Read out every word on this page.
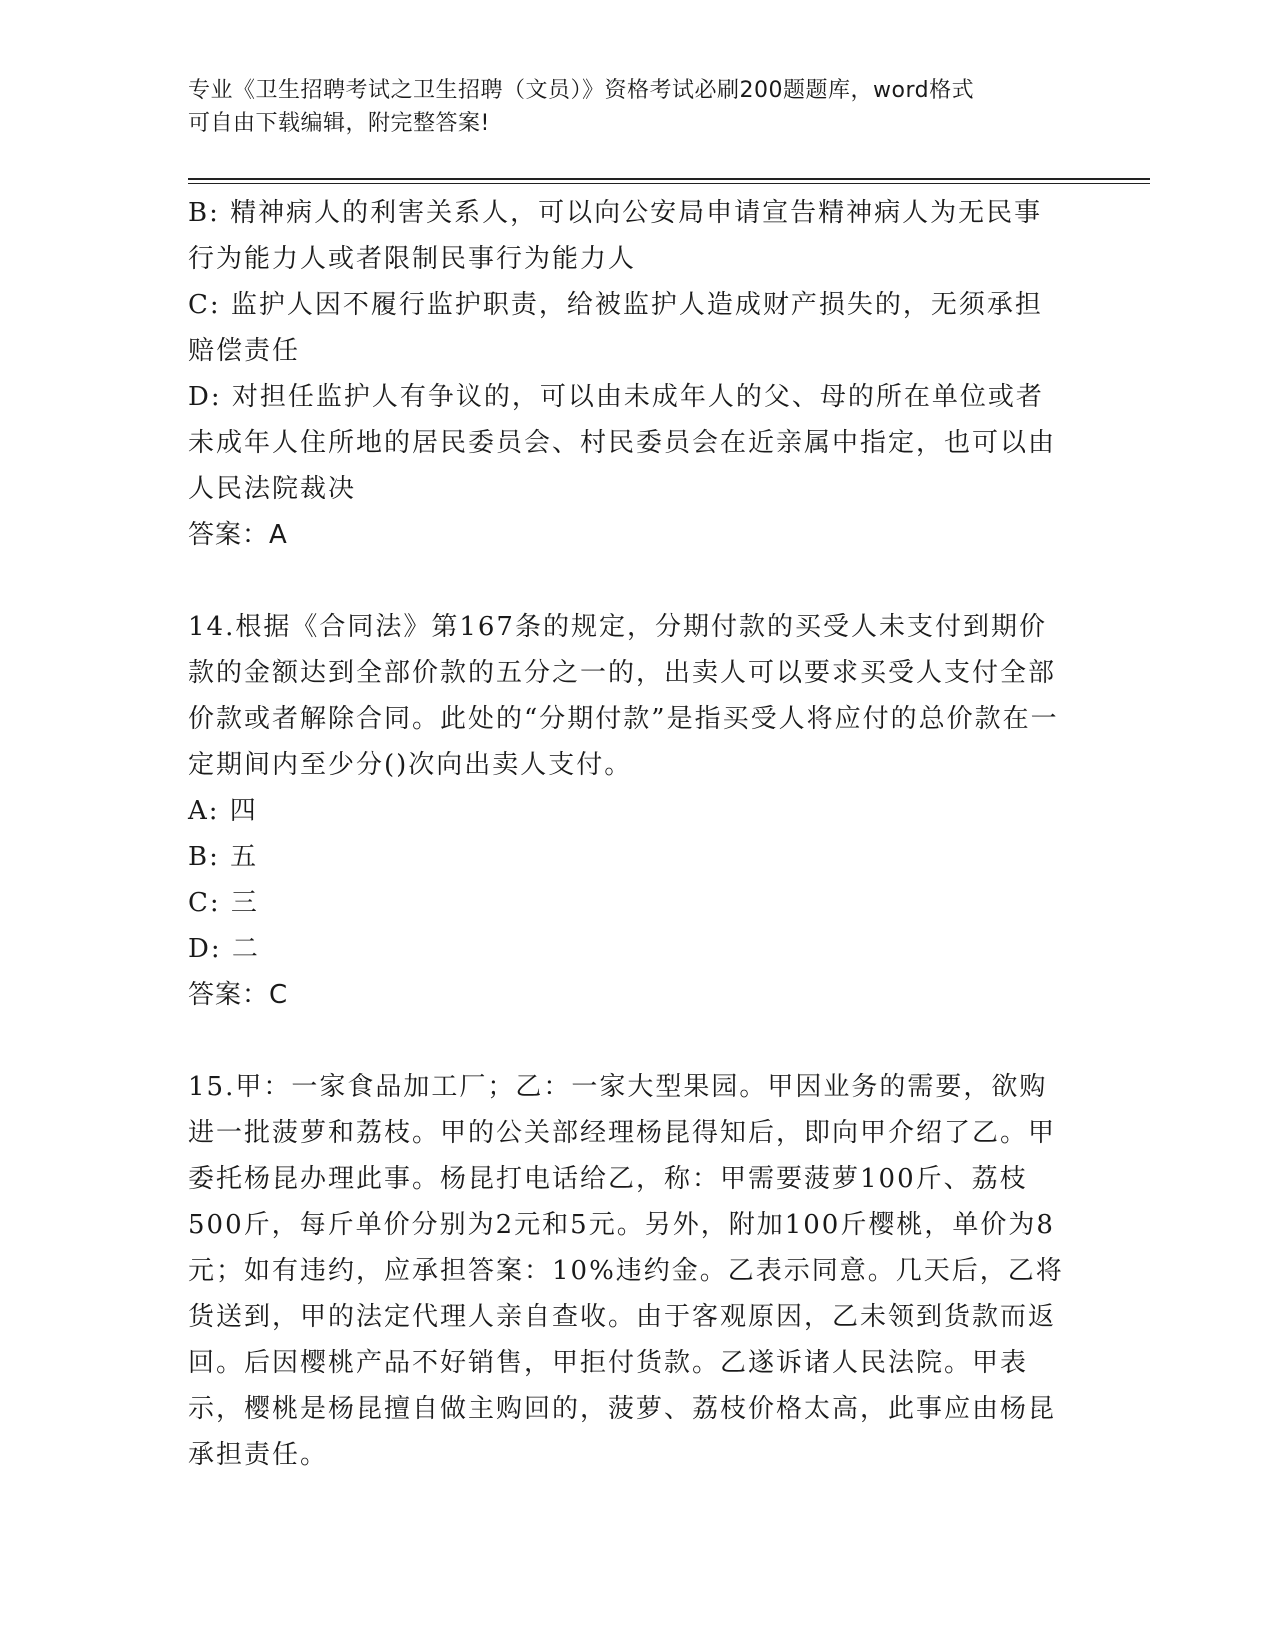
专业《卫生招聘考试之卫生招聘（文员）》资格考试必刷200题题库，word格式
可自由下载编辑，附完整答案!

B: 精神病人的利害关系人，可以向公安局申请宣告精神病人为无民事行为能力人或者限制民事行为能力人

C: 监护人因不履行监护职责，给被监护人造成财产损失的，无须承担赔偿责任

D: 对担任监护人有争议的，可以由未成年人的父、母的所在单位或者未成年人住所地的居民委员会、村民委员会在近亲属中指定，也可以由人民法院裁决

答案：A

14.根据《合同法》第167条的规定，分期付款的买受人未支付到期价款的金额达到全部价款的五分之一的，出卖人可以要求买受人支付全部价款或者解除合同。此处的“分期付款”是指买受人将应付的总价款在一定期间内至少分()次向出卖人支付。

A: 四

B: 五

C: 三

D: 二

答案：C

15.甲：一家食品加工厂；乙：一家大型果园。甲因业务的需要，欲购进一批菠萝和荔枝。甲的公关部经理杨昆得知后，即向甲介绍了乙。甲委托杨昆办理此事。杨昆打电话给乙，称：甲需要菠萝100斤、荔枝500斤，每斤单价分别为2元和5元。另外，附加100斤樱桃，单价为8元；如有违约，应承担答案：10%违约金。乙表示同意。几天后，乙将货送到，甲的法定代理人亲自查收。由于客观原因，乙未领到货款而返回。后因樱桃产品不好销售，甲拒付货款。乙遂诉诸人民法院。甲表示，樱桃是杨昆擅自做主购回的，菠萝、荔枝价格太高，此事应由杨昆承担责任。
